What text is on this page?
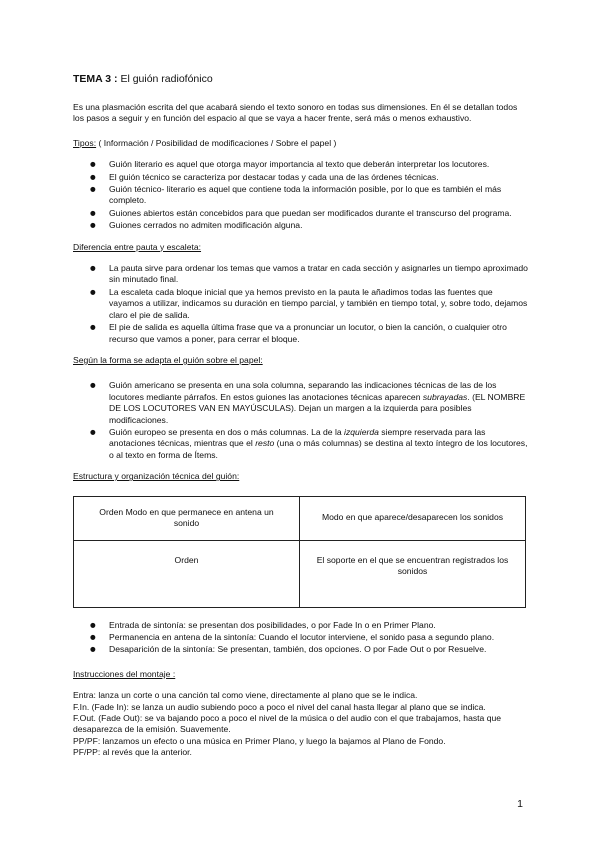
TEMA 3 : El guión radiofónico

Es una plasmación escrita del que acabará siendo el texto sonoro en todas sus dimensiones. En él se detallan todos los pasos a seguir y en función del espacio al que se vaya a hacer frente, será más o menos exhaustivo.

Tipos: ( Información / Posibilidad de modificaciones / Sobre el papel )

● Guión literario es aquel que otorga mayor importancia al texto que deberán interpretar los locutores.
● El guión técnico se caracteriza por destacar todas y cada una de las órdenes técnicas.
● Guión técnico- literario es aquel que contiene toda la información posible, por lo que es también el más completo.
● Guiones abiertos están concebidos para que puedan ser modificados durante el transcurso del programa.
● Guiones cerrados no admiten modificación alguna.

Diferencia entre pauta y escaleta:

● La pauta sirve para ordenar los temas que vamos a tratar en cada sección y asignarles un tiempo aproximado sin minutado final.
● La escaleta cada bloque inicial que ya hemos previsto en la pauta le añadimos todas las fuentes que vayamos a utilizar, indicamos su duración en tiempo parcial, y también en tiempo total, y, sobre todo, dejamos claro el pie de salida.
● El pie de salida es aquella última frase que va a pronunciar un locutor, o bien la canción, o cualquier otro recurso que vamos a poner, para cerrar el bloque.

Según la forma se adapta el guión sobre el papel:

● Guión americano se presenta en una sola columna, separando las indicaciones técnicas de las de los locutores mediante párrafos. En estos guiones las anotaciones técnicas aparecen subrayadas. (EL NOMBRE DE LOS LOCUTORES VAN EN MAYÚSCULAS). Dejan un margen a la izquierda para posibles modificaciones.
● Guión europeo se presenta en dos o más columnas. La de la izquierda siempre reservada para las anotaciones técnicas, mientras que el resto (una o más columnas) se destina al texto íntegro de los locutores, o al texto en forma de Ítems.

Estructura y organización técnica del guión:

Orden Modo en que permanece en antena un sonido	Modo en que aparece/desaparecen los sonidos
Orden	El soporte en el que se encuentran registrados los sonidos
● Entrada de sintonía: se presentan dos posibilidades, o por Fade In o en Primer Plano.
● Permanencia en antena de la sintonía: Cuando el locutor interviene, el sonido pasa a segundo plano.
● Desaparición de la sintonía: Se presentan, también, dos opciones. O por Fade Out o por Resuelve.

Instrucciones del montaje :

Entra: lanza un corte o una canción tal como viene, directamente al plano que se le indica.

F.In. (Fade In): se lanza un audio subiendo poco a poco el nivel del canal hasta llegar al plano que se indica.

F.Out. (Fade Out): se va bajando poco a poco el nivel de la música o del audio con el que trabajamos, hasta que desaparezca de la emisión. Suavemente.

PP/PF: lanzamos un efecto o una música en Primer Plano, y luego la bajamos al Plano de Fondo.

PF/PP: al revés que la anterior.

1
